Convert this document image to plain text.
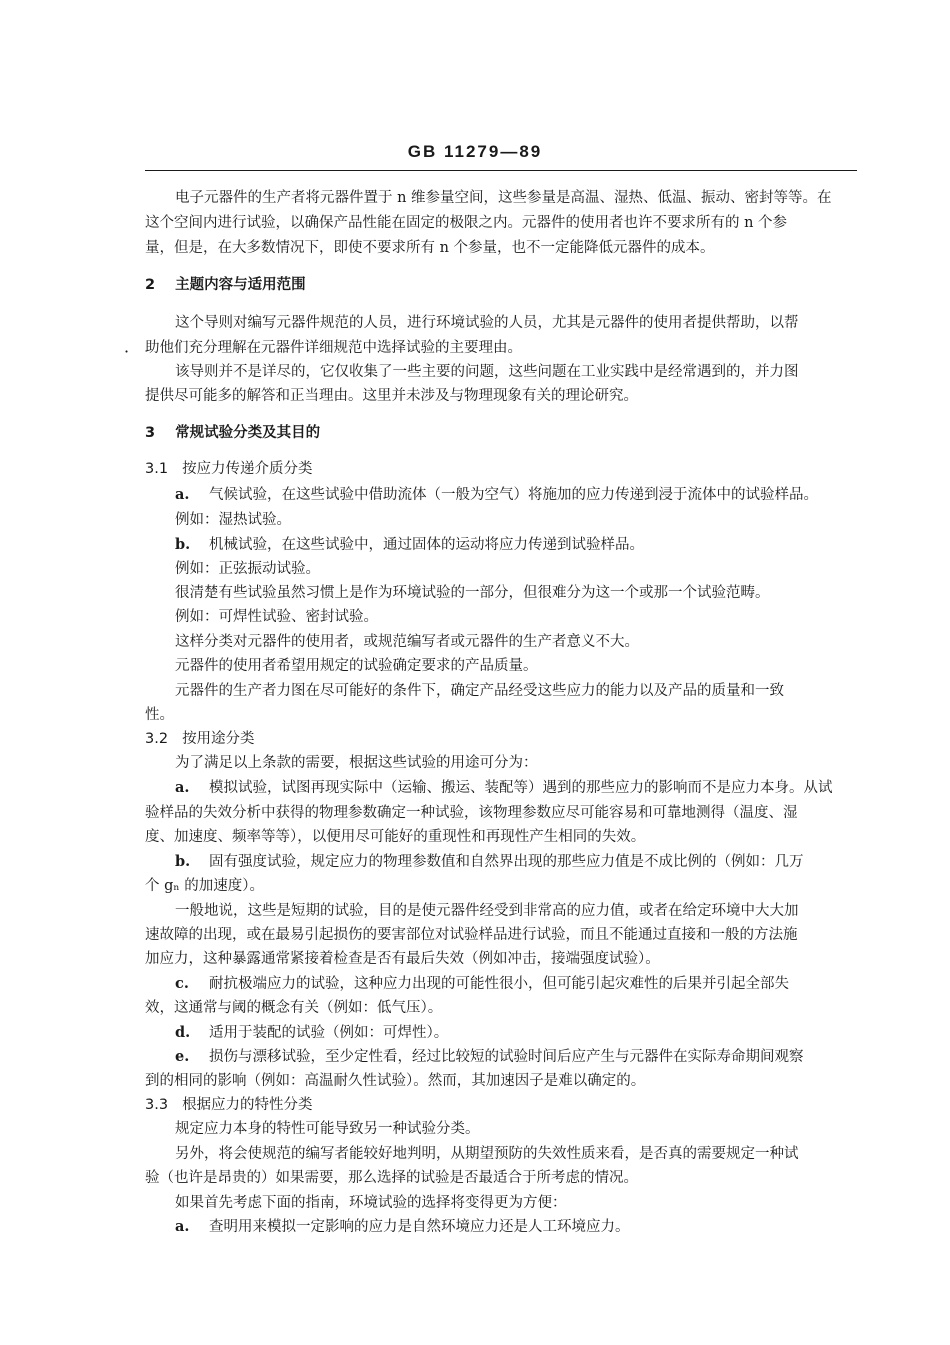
GB 11279—89
电子元器件的生产者将元器件置于 n 维参量空间，这些参量是高温、湿热、低温、振动、密封等等。在
这个空间内进行试验，以确保产品性能在固定的极限之内。元器件的使用者也许不要求所有的 n 个参
量，但是，在大多数情况下，即使不要求所有 n 个参量，也不一定能降低元器件的成本。
2 主题内容与适用范围
这个导则对编写元器件规范的人员，进行环境试验的人员，尤其是元器件的使用者提供帮助，以帮
· 助他们充分理解在元器件详细规范中选择试验的主要理由。
该导则并不是详尽的，它仅收集了一些主要的问题，这些问题在工业实践中是经常遇到的，并力图
提供尽可能多的解答和正当理由。这里并未涉及与物理现象有关的理论研究。
3 常规试验分类及其目的
3.1 按应力传递介质分类
a. 气候试验，在这些试验中借助流体（一般为空气）将施加的应力传递到浸于流体中的试验样品。
例如：湿热试验。
b. 机械试验，在这些试验中，通过固体的运动将应力传递到试验样品。
例如：正弦振动试验。
很清楚有些试验虽然习惯上是作为环境试验的一部分，但很难分为这一个或那一个试验范畴。
例如：可焊性试验、密封试验。
这样分类对元器件的使用者，或规范编写者或元器件的生产者意义不大。
元器件的使用者希望用规定的试验确定要求的产品质量。
元器件的生产者力图在尽可能好的条件下，确定产品经受这些应力的能力以及产品的质量和一致
性。
3.2 按用途分类
为了满足以上条款的需要，根据这些试验的用途可分为：
a. 模拟试验，试图再现实际中（运输、搬运、装配等）遇到的那些应力的影响而不是应力本身。从试
验样品的失效分析中获得的物理参数确定一种试验，该物理参数应尽可能容易和可靠地测得（温度、湿
度、加速度、频率等等），以便用尽可能好的重现性和再现性产生相同的失效。
b. 固有强度试验，规定应力的物理参数值和自然界出现的那些应力值是不成比例的（例如：几万
个 gₙ 的加速度）。
一般地说，这些是短期的试验，目的是使元器件经受到非常高的应力值，或者在给定环境中大大加
速故障的出现，或在最易引起损伤的要害部位对试验样品进行试验，而且不能通过直接和一般的方法施
加应力，这种暴露通常紧接着检查是否有最后失效（例如冲击，接端强度试验）。
c. 耐抗极端应力的试验，这种应力出现的可能性很小，但可能引起灾难性的后果并引起全部失
效，这通常与阈的概念有关（例如：低气压）。
d. 适用于装配的试验（例如：可焊性）。
e. 损伤与漂移试验，至少定性看，经过比较短的试验时间后应产生与元器件在实际寿命期间观察
到的相同的影响（例如：高温耐久性试验）。然而，其加速因子是难以确定的。
3.3 根据应力的特性分类
规定应力本身的特性可能导致另一种试验分类。
另外，将会使规范的编写者能较好地判明，从期望预防的失效性质来看，是否真的需要规定一种试
验（也许是昂贵的）如果需要，那么选择的试验是否最适合于所考虑的情况。
如果首先考虑下面的指南，环境试验的选择将变得更为方便：
a. 查明用来模拟一定影响的应力是自然环境应力还是人工环境应力。
